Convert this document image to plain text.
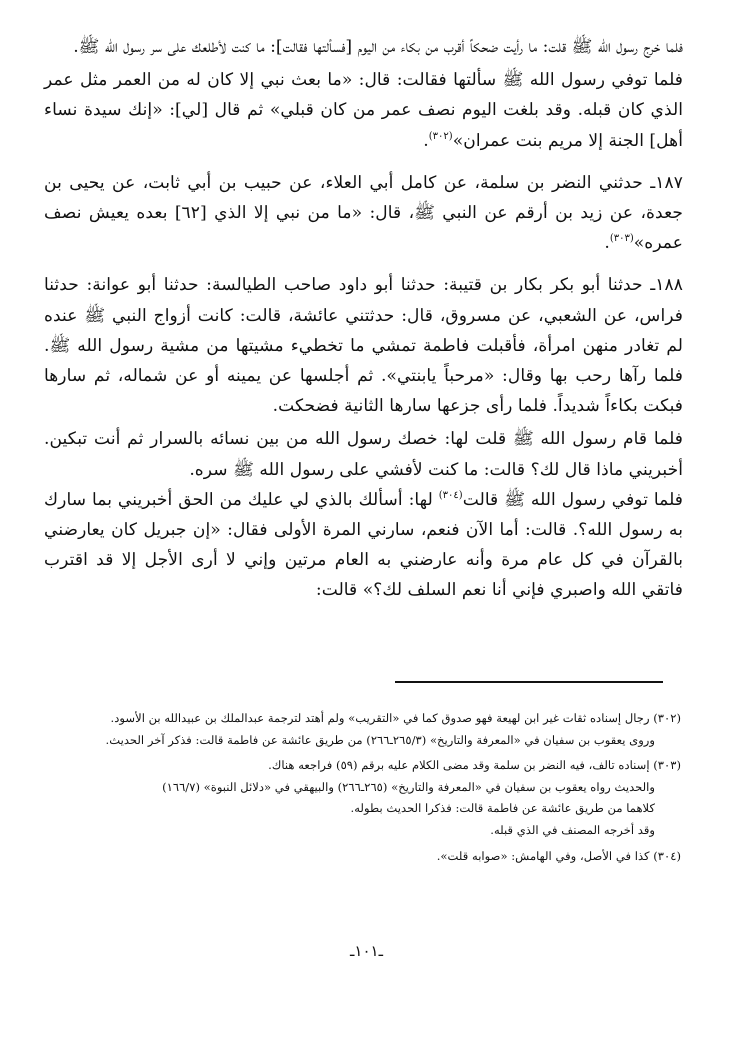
فلما خرج رسول الله ﷺ قلت: ما رأيت ضحكاً أقرب من بكاء من اليوم [فسألتها فقالت]: ما كنت لأطلعك على سر رسول الله ﷺ.

فلما توفي رسول الله ﷺ سألتها فقالت: قال: «ما بعث نبي إلا كان له من العمر مثل عمر الذي كان قبله. وقد بلغت اليوم نصف عمر من كان قبلي» ثم قال [لي]: «إنك سيدة نساء أهل] الجنة إلا مريم بنت عمران»$^{(٣٠٢)}$.

١٨٧ـ حدثني النضر بن سلمة، عن كامل أبي العلاء، عن حبيب بن أبي ثابت، عن يحيى بن جعدة، عن زيد بن أرقم عن النبي ﷺ، قال: «ما من نبي إلا الذي [٦٢] بعده يعيش نصف عمره»$^{(٣٠٣)}$.

١٨٨ـ حدثنا أبو بكر بكار بن قتيبة: حدثنا أبو داود صاحب الطيالسة: حدثنا أبو عوانة: حدثنا فراس، عن الشعبي، عن مسروق، قال: حدثتني عائشة، قالت: كانت أزواج النبي ﷺ عنده لم تغادر منهن امرأة، فأقبلت فاطمة تمشي ما تخطيء مشيتها من مشية رسول الله ﷺ. فلما رآها رحب بها وقال: «مرحباً يابنتي». ثم أجلسها عن يمينه أو عن شماله، ثم سارها فبكت بكاءاً شديداً. فلما رأى جزعها سارها الثانية فضحكت.

فلما قام رسول الله ﷺ قلت لها: خصك رسول الله من بين نسائه بالسرار ثم أنت تبكين. أخبريني ماذا قال لك؟ قالت: ما كنت لأفشي على رسول الله ﷺ سره.

فلما توفي رسول الله ﷺ قالت$^{(٣٠٤)}$ لها: أسألك بالذي لي عليك من الحق أخبريني بما سارك به رسول الله؟. قالت: أما الآن فنعم، سارني المرة الأولى فقال: «إن جبريل كان يعارضني بالقرآن في كل عام مرة وأنه عارضني به العام مرتين وإني لا أرى الأجل إلا قد اقترب فاتقي الله واصبري فإني أنا نعم السلف لك؟» قالت:

(٣٠٢) رجال إسناده ثقات غير ابن لهيعة فهو صدوق كما في «التقريب» ولم أهتد لترجمة عبدالملك بن عبيدالله بن الأسود.

وروى يعقوب بن سفيان في «المعرفة والتاريخ» (٢٦٥/٣ـ٢٦٦) من طريق عائشة عن فاطمة قالت: فذكر آخر الحديث.

(٣٠٣) إسناده تالف، فيه النضر بن سلمة وقد مضى الكلام عليه برقم (٥٩) فراجعه هناك.

والحديث رواه يعقوب بن سفيان في «المعرفة والتاريخ» (٢٦٥ـ٢٦٦) والبيهقي في «دلائل النبوة» (١٦٦/٧)

كلاهما من طريق عائشة عن فاطمة قالت: فذكرا الحديث بطوله.

وقد أخرجه المصنف في الذي قبله.

(٣٠٤) كذا في الأصل، وفي الهامش: «صوابه قلت».

ـ١٠١ـ
